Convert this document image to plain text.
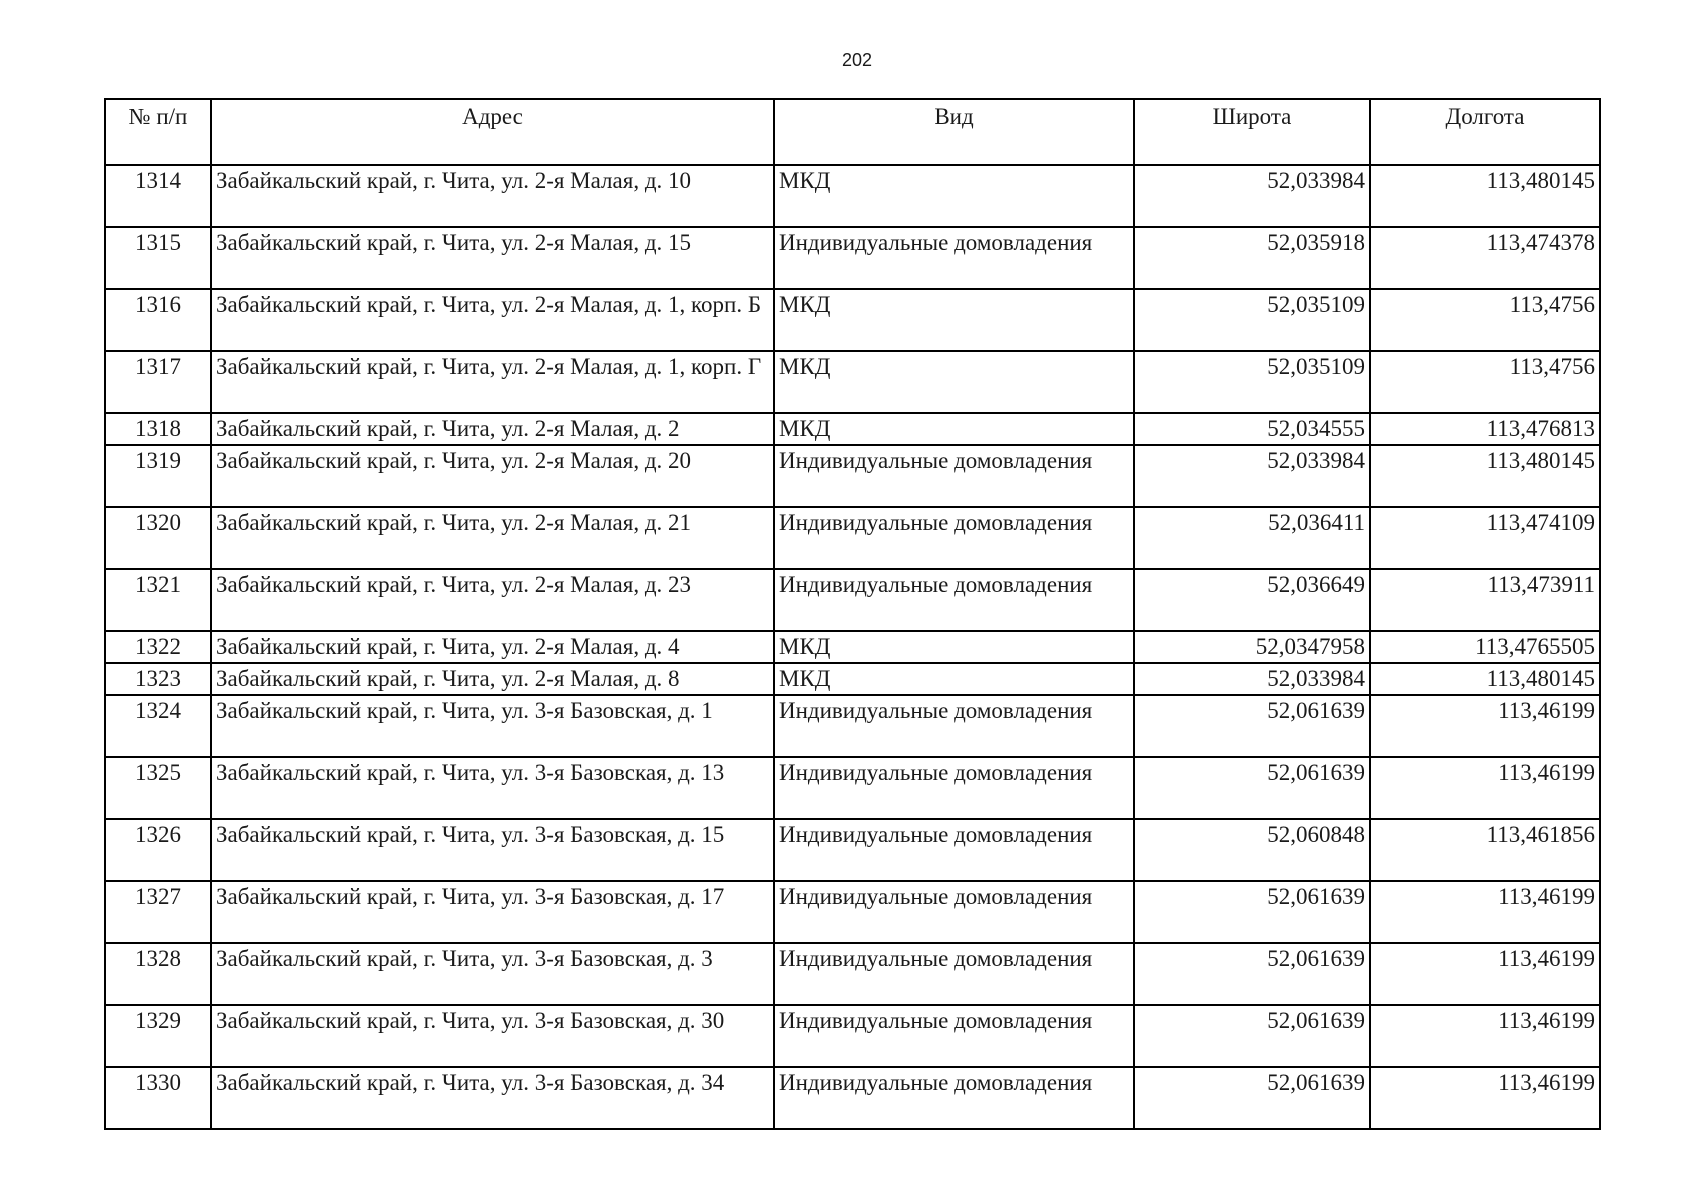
202
№ п/п	Адрес	Вид	Широта	Долгота
1314	Забайкальский край, г. Чита, ул. 2-я Малая, д. 10	МКД	52,033984	113,480145
1315	Забайкальский край, г. Чита, ул. 2-я Малая, д. 15	Индивидуальные домовладения	52,035918	113,474378
1316	Забайкальский край, г. Чита, ул. 2-я Малая, д. 1, корп. Б	МКД	52,035109	113,4756
1317	Забайкальский край, г. Чита, ул. 2-я Малая, д. 1, корп. Г	МКД	52,035109	113,4756
1318	Забайкальский край, г. Чита, ул. 2-я Малая, д. 2	МКД	52,034555	113,476813
1319	Забайкальский край, г. Чита, ул. 2-я Малая, д. 20	Индивидуальные домовладения	52,033984	113,480145
1320	Забайкальский край, г. Чита, ул. 2-я Малая, д. 21	Индивидуальные домовладения	52,036411	113,474109
1321	Забайкальский край, г. Чита, ул. 2-я Малая, д. 23	Индивидуальные домовладения	52,036649	113,473911
1322	Забайкальский край, г. Чита, ул. 2-я Малая, д. 4	МКД	52,0347958	113,4765505
1323	Забайкальский край, г. Чита, ул. 2-я Малая, д. 8	МКД	52,033984	113,480145
1324	Забайкальский край, г. Чита, ул. 3-я Базовская, д. 1	Индивидуальные домовладения	52,061639	113,46199
1325	Забайкальский край, г. Чита, ул. 3-я Базовская, д. 13	Индивидуальные домовладения	52,061639	113,46199
1326	Забайкальский край, г. Чита, ул. 3-я Базовская, д. 15	Индивидуальные домовладения	52,060848	113,461856
1327	Забайкальский край, г. Чита, ул. 3-я Базовская, д. 17	Индивидуальные домовладения	52,061639	113,46199
1328	Забайкальский край, г. Чита, ул. 3-я Базовская, д. 3	Индивидуальные домовладения	52,061639	113,46199
1329	Забайкальский край, г. Чита, ул. 3-я Базовская, д. 30	Индивидуальные домовладения	52,061639	113,46199
1330	Забайкальский край, г. Чита, ул. 3-я Базовская, д. 34	Индивидуальные домовладения	52,061639	113,46199
